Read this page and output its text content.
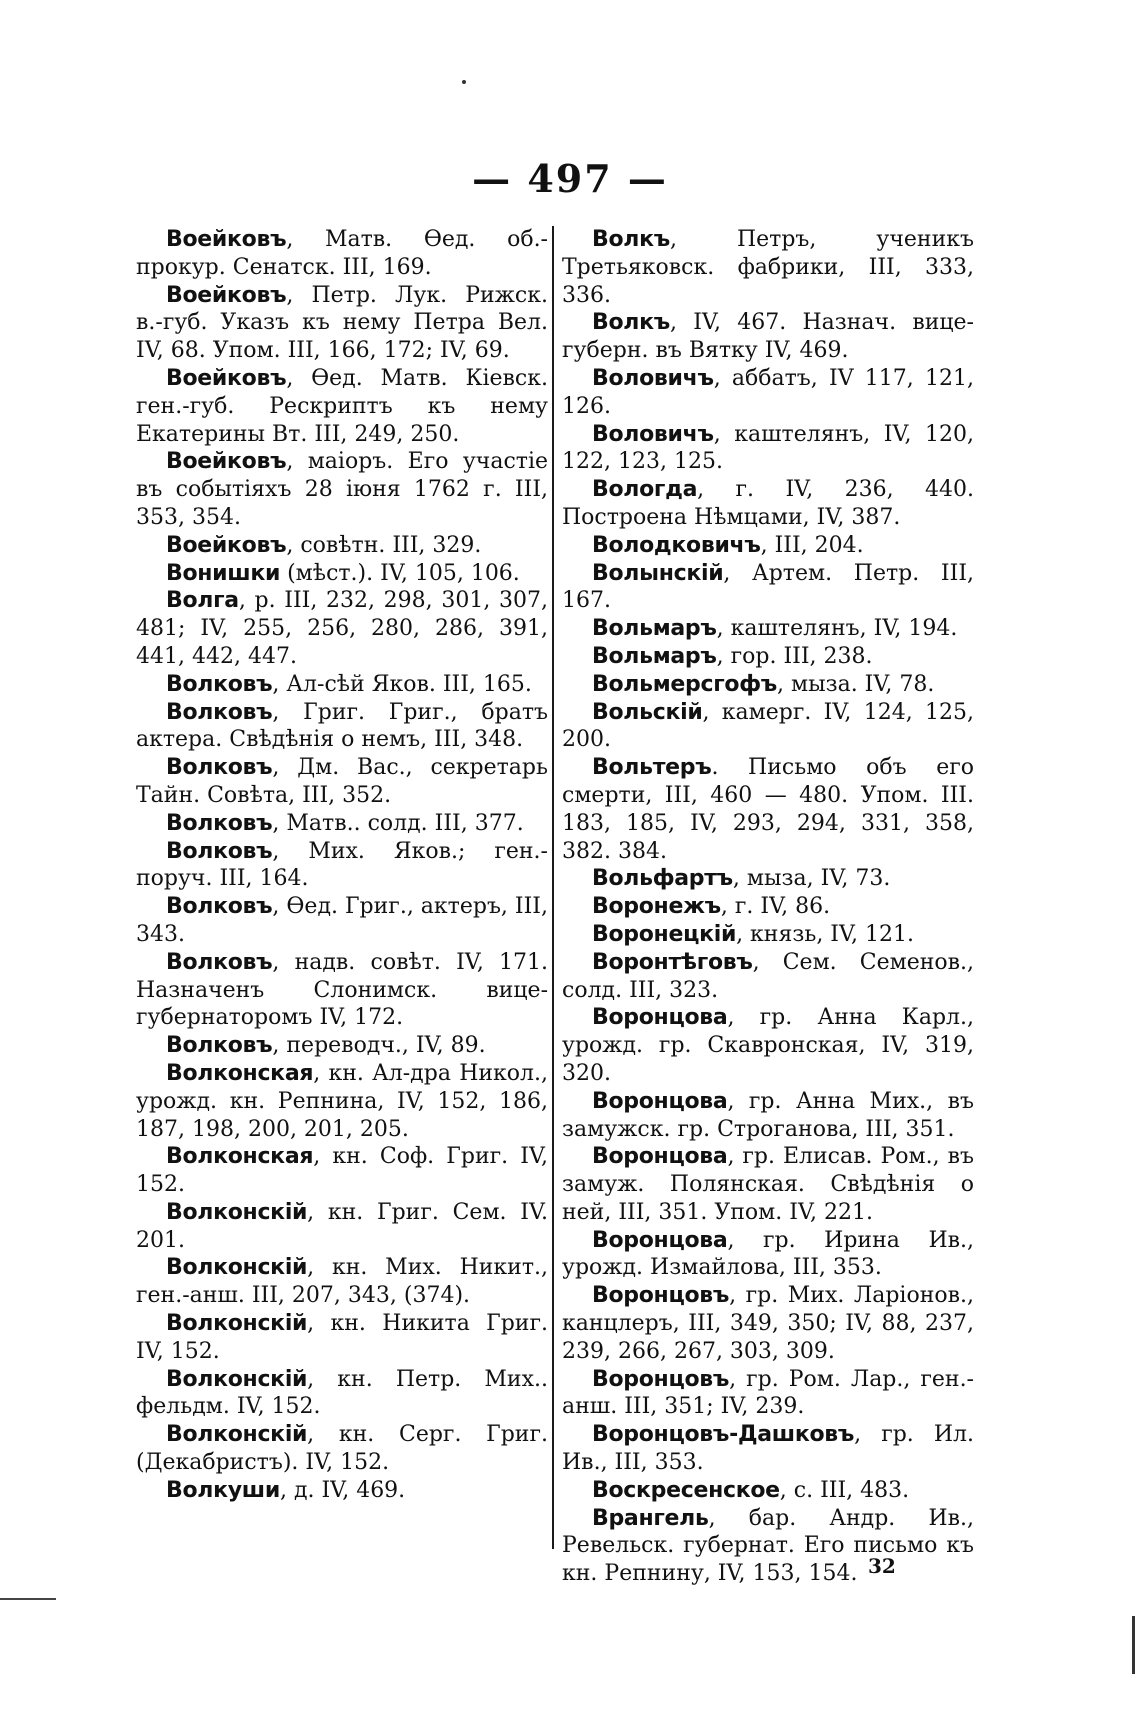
— 497 —

Воейковъ, Матв. Ѳед. об.-прокур. Сенатск. III, 169.

Воейковъ, Петр. Лук. Рижск. в.-губ. Указъ къ нему Петра Вел. IV, 68. Упом. III, 166, 172; IV, 69.

Воейковъ, Ѳед. Матв. Кіевск. ген.-губ. Рескриптъ къ нему Екатерины Вт. III, 249, 250.

Воейковъ, маіоръ. Его участіе въ событіяхъ 28 іюня 1762 г. III, 353, 354.

Воейковъ, совѣтн. III, 329.

Вонишки (мѣст.). IV, 105, 106.

Волга, р. III, 232, 298, 301, 307, 481; IV, 255, 256, 280, 286, 391, 441, 442, 447.

Волковъ, Ал-сѣй Яков. III, 165.

Волковъ, Григ. Григ., братъ актера. Свѣдѣнія о немъ, III, 348.

Волковъ, Дм. Вас., секретарь Тайн. Совѣта, III, 352.

Волковъ, Матв.. солд. III, 377.

Волковъ, Мих. Яков.; ген.-поруч. III, 164.

Волковъ, Ѳед. Григ., актеръ, III, 343.

Волковъ, надв. совѣт. IV, 171. Назначенъ Слонимск. вице-губернаторомъ IV, 172.

Волковъ, переводч., IV, 89.

Волконская, кн. Ал-дра Никол., урожд. кн. Репнина, IV, 152, 186, 187, 198, 200, 201, 205.

Волконская, кн. Соф. Григ. IV, 152.

Волконскій, кн. Григ. Сем. IV. 201.

Волконскій, кн. Мих. Никит., ген.-анш. III, 207, 343, (374).

Волконскій, кн. Никита Григ. IV, 152.

Волконскій, кн. Петр. Мих.. фельдм. IV, 152.

Волконскій, кн. Серг. Григ. (Декабристъ). IV, 152.

Волкуши, д. IV, 469.

Волкъ, Петръ, ученикъ Третьяковск. фабрики, III, 333, 336.

Волкъ, IV, 467. Назнач. вице-губерн. въ Вятку IV, 469.

Воловичъ, аббатъ, IV 117, 121, 126.

Воловичъ, каштелянъ, IV, 120, 122, 123, 125.

Вологда, г. IV, 236, 440. Построена Нѣмцами, IV, 387.

Володковичъ, III, 204.

Волынскій, Артем. Петр. III, 167.

Вольмаръ, каштелянъ, IV, 194.

Вольмаръ, гор. III, 238.

Вольмерсгофъ, мыза. IV, 78.

Вольскій, камерг. IV, 124, 125, 200.

Вольтеръ. Письмо объ его смерти, III, 460 — 480. Упом. III. 183, 185, IV, 293, 294, 331, 358, 382. 384.

Вольфартъ, мыза, IV, 73.

Воронежъ, г. IV, 86.

Воронецкій, князь, IV, 121.

Воронтѣговъ, Сем. Семенов., солд. III, 323.

Воронцова, гр. Анна Карл., урожд. гр. Скавронская, IV, 319, 320.

Воронцова, гр. Анна Мих., въ замужск. гр. Строганова, III, 351.

Воронцова, гр. Елисав. Ром., въ замуж. Полянская. Свѣдѣнія о ней, III, 351. Упом. IV, 221.

Воронцова, гр. Ирина Ив., урожд. Измайлова, III, 353.

Воронцовъ, гр. Мих. Ларіонов., канцлеръ, III, 349, 350; IV, 88, 237, 239, 266, 267, 303, 309.

Воронцовъ, гр. Ром. Лар., ген.-анш. III, 351; IV, 239.

Воронцовъ-Дашковъ, гр. Ил. Ив., III, 353.

Воскресенское, с. III, 483.

Врангель, бар. Андр. Ив., Ревельск. губернат. Его письмо къ кн. Репнину, IV, 153, 154. 32
